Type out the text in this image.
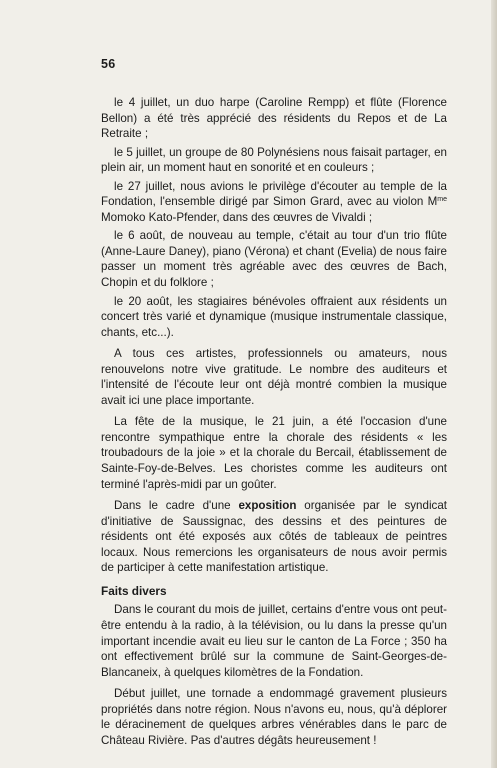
56

le 4 juillet, un duo harpe (Caroline Rempp) et flûte (Florence Bellon) a été très apprécié des résidents du Repos et de La Retraite ;

le 5 juillet, un groupe de 80 Polynésiens nous faisait partager, en plein air, un moment haut en sonorité et en couleurs ;

le 27 juillet, nous avions le privilège d'écouter au temple de la Fondation, l'ensemble dirigé par Simon Grard, avec au violon $M^{me}$ Momoko Kato-Pfender, dans des œuvres de Vivaldi ;

le 6 août, de nouveau au temple, c'était au tour d'un trio flûte (Anne-Laure Daney), piano (Vérona) et chant (Evelia) de nous faire passer un moment très agréable avec des œuvres de Bach, Chopin et du folklore ;

le 20 août, les stagiaires bénévoles offraient aux résidents un concert très varié et dynamique (musique instrumentale classique, chants, etc...).

A tous ces artistes, professionnels ou amateurs, nous renouvelons notre vive gratitude. Le nombre des auditeurs et l'intensité de l'écoute leur ont déjà montré combien la musique avait ici une place importante.

La fête de la musique, le 21 juin, a été l'occasion d'une rencontre sympathique entre la chorale des résidents « les troubadours de la joie » et la chorale du Bercail, établissement de Sainte-Foy-de-Belves. Les choristes comme les auditeurs ont terminé l'après-midi par un goûter.

Dans le cadre d'une exposition organisée par le syndicat d'initiative de Saussignac, des dessins et des peintures de résidents ont été exposés aux côtés de tableaux de peintres locaux. Nous remercions les organisateurs de nous avoir permis de participer à cette manifestation artistique.

Faits divers

Dans le courant du mois de juillet, certains d'entre vous ont peut-être entendu à la radio, à la télévision, ou lu dans la presse qu'un important incendie avait eu lieu sur le canton de La Force ; 350 ha ont effectivement brûlé sur la commune de Saint-Georges-de-Blancaneix, à quelques kilomètres de la Fondation.

Début juillet, une tornade a endommagé gravement plusieurs propriétés dans notre région. Nous n'avons eu, nous, qu'à déplorer le déracinement de quelques arbres vénérables dans le parc de Château Rivière. Pas d'autres dégâts heureusement !
